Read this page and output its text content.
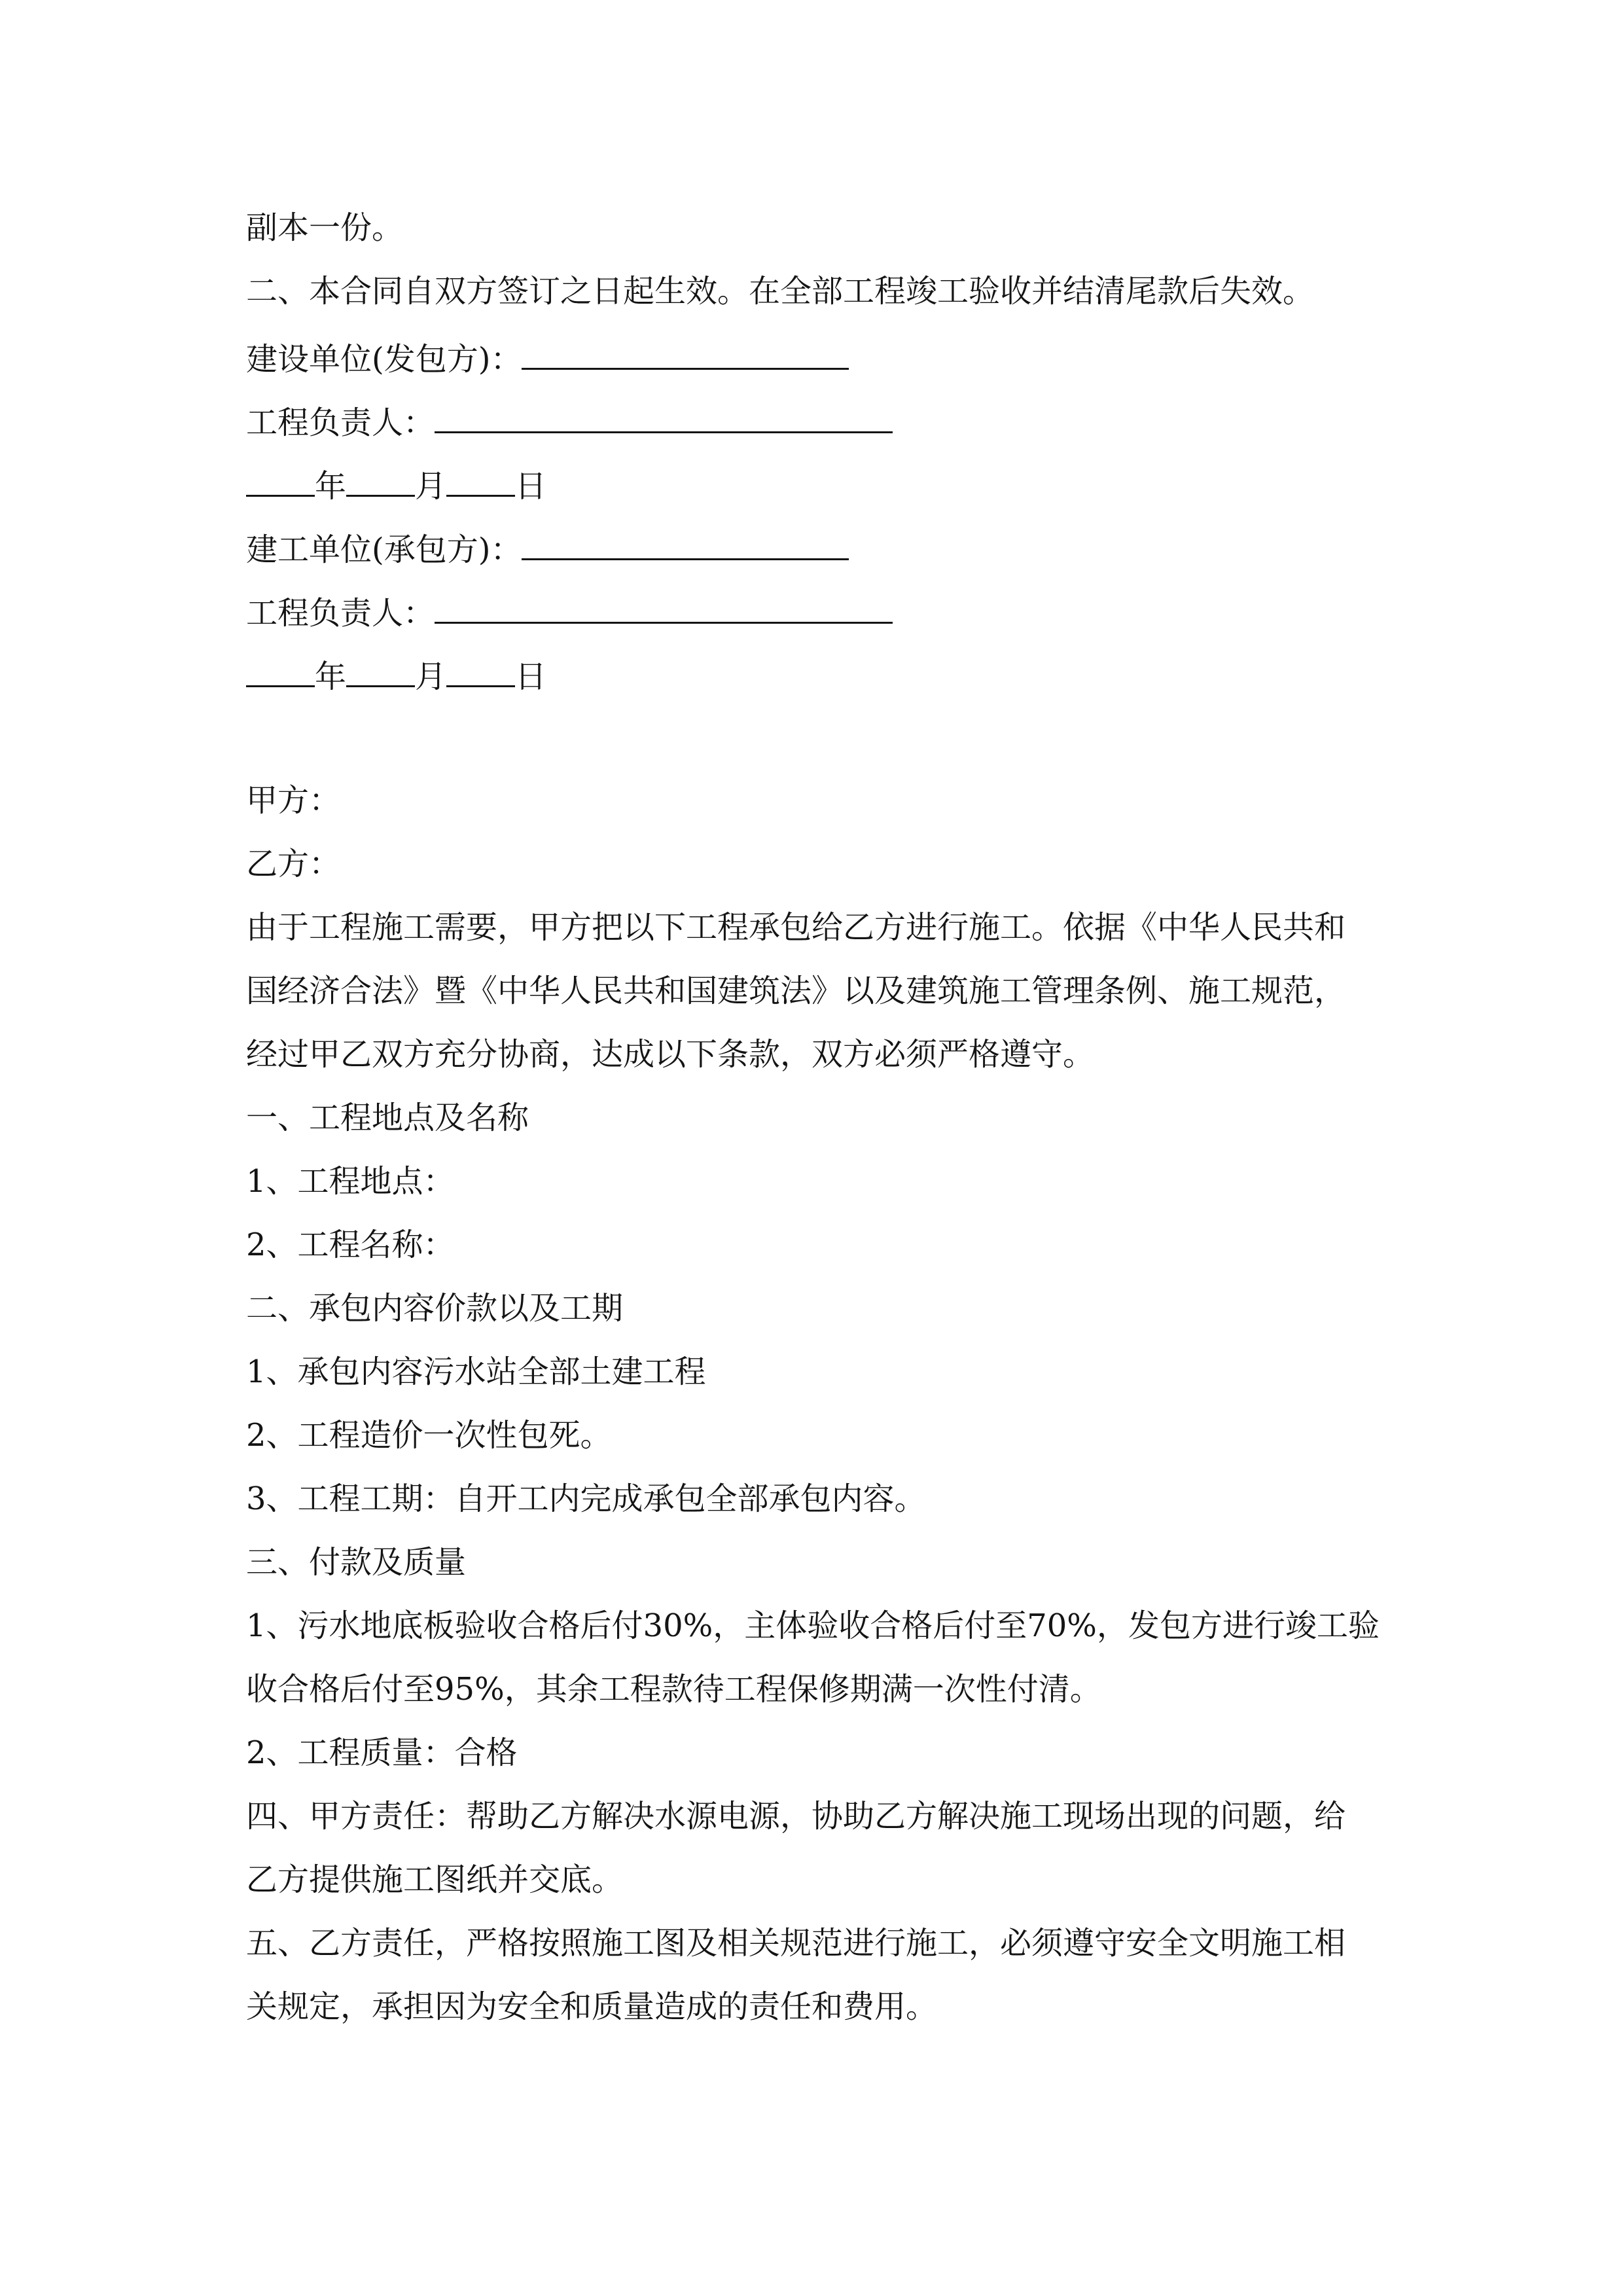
副本一份。
二、本合同自双方签订之日起生效。在全部工程竣工验收并结清尾款后失效。
建设单位(发包方)：
工程负责人：
年 月 日
建工单位(承包方)：
工程负责人：
年 月 日
甲方：
乙方：
由于工程施工需要，甲方把以下工程承包给乙方进行施工。依据《中华人民共和
国经济合法》暨《中华人民共和国建筑法》以及建筑施工管理条例、施工规范，
经过甲乙双方充分协商，达成以下条款，双方必须严格遵守。
一、工程地点及名称
1、工程地点：
2、工程名称：
二、承包内容价款以及工期
1、承包内容污水站全部土建工程
2、工程造价一次性包死。
3、工程工期：自开工内完成承包全部承包内容。
三、付款及质量
1、污水地底板验收合格后付30%，主体验收合格后付至70%，发包方进行竣工验
收合格后付至95%，其余工程款待工程保修期满一次性付清。
2、工程质量：合格
四、甲方责任：帮助乙方解决水源电源，协助乙方解决施工现场出现的问题，给
乙方提供施工图纸并交底。
五、乙方责任，严格按照施工图及相关规范进行施工，必须遵守安全文明施工相
关规定，承担因为安全和质量造成的责任和费用。
